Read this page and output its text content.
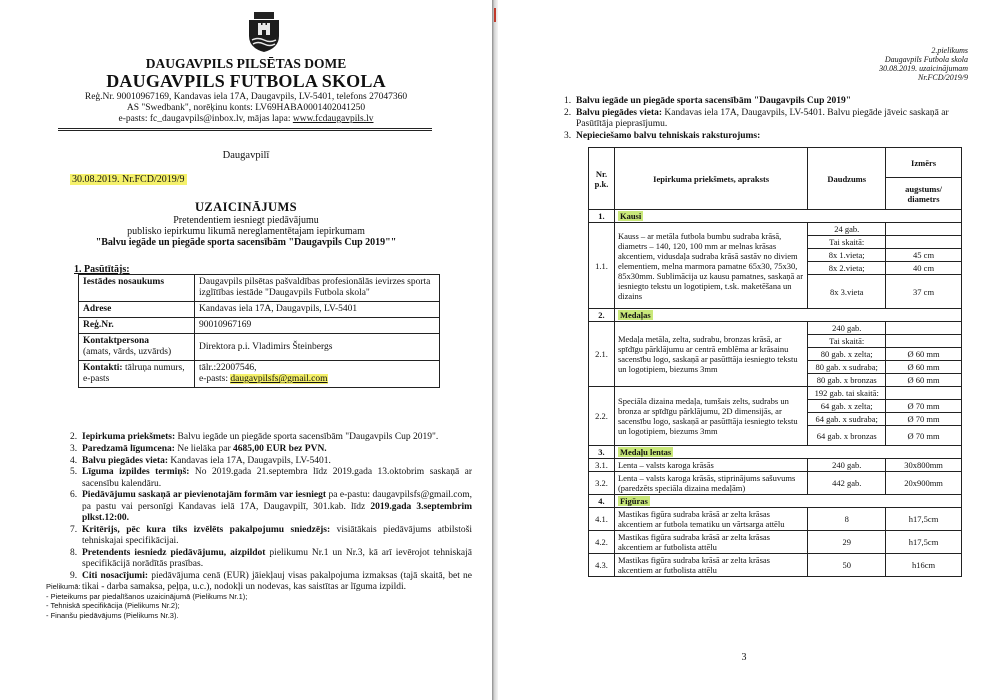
DAUGAVPILS PILSĒTAS DOME
DAUGAVPILS FUTBOLA SKOLA
Reģ.Nr. 90010967169, Kandavas iela 17A, Daugavpils, LV-5401, telefons 27047360
AS "Swedbank", norēķinu konts: LV69HABA0001402041250
e-pasts: fc_daugavpils@inbox.lv, mājas lapa: www.fcdaugavpils.lv
Daugavpilī
30.08.2019. Nr.FCD/2019/9
UZAICINĀJUMS
Pretendentiem iesniegt piedāvājumu
publisko iepirkumu likumā nereglamentētajam iepirkumam
"Balvu iegāde un piegāde sporta sacensībām "Daugavpils Cup 2019""
1. Pasūtītājs:
Iestādes nosaukums	Daugavpils pilsētas pašvaldības profesionālās ievirzes sporta izglītības iestāde "Daugavpils Futbola skola"
Adrese	Kandavas iela 17A, Daugavpils, LV-5401
Reģ.Nr.	90010967169
Kontaktpersona
(amats, vārds, uzvārds)	Direktora p.i. Vladimirs Šteinbergs
Kontakti: tālruņa numurs, e-pasts	tālr.:22007546,
e-pasts: daugavpilsfs@gmail.com
2. Iepirkuma priekšmets: Balvu iegāde un piegāde sporta sacensībām "Daugavpils Cup 2019".
3. Paredzamā līgumcena: Ne lielāka par 4685,00 EUR bez PVN.
4. Balvu piegādes vieta: Kandavas iela 17A, Daugavpils, LV-5401.
5. Līguma izpildes termiņš: No 2019.gada 21.septembra līdz 2019.gada 13.oktobrim saskaņā ar sacensību kalendāru.
6. Piedāvājumu saskaņā ar pievienotajām formām var iesniegt pa e-pastu: daugavpilsfs@gmail.com, pa pastu vai personīgi Kandavas ielā 17A, Daugavpilī, 301.kab. līdz 2019.gada 3.septembrim plkst.12:00.
7. Kritērijs, pēc kura tiks izvēlēts pakalpojumu sniedzējs: visiātākais piedāvājums atbilstoši tehniskajai specifikācijai.
8. Pretendents iesniedz piedāvājumu, aizpildot pielikumu Nr.1 un Nr.3, kā arī ievērojot tehniskajā specifikācijā norādītās prasības.
9. Citi nosacījumi: piedāvājuma cenā (EUR) jāiekļauj visas pakalpojuma izmaksas (tajā skaitā, bet ne tikai - darba samaksa, peļņa, u.c.), nodokļi un nodevas, kas saistītas ar līguma izpildi.
Pielikumā:
- Pieteikums par piedalīšanos uzaicinājumā (Pielikums Nr.1);
- Tehniskā specifikācija (Pielikums Nr.2);
- Finanšu piedāvājums (Pielikums Nr.3).
2.pielikums
Daugavpils Futbola skola
30.08.2019. uzaicinājumam
Nr.FCD/2019/9
1. Balvu iegāde un piegāde sporta sacensībām "Daugavpils Cup 2019"
2. Balvu piegādes vieta: Kandavas iela 17A, Daugavpils, LV-5401. Balvu piegāde jāveic saskaņā ar Pasūtītāja pieprasījumu.
3. Nepieciešamo balvu tehniskais raksturojums:
Nr. p.k.	Iepirkuma priekšmets, apraksts	Daudzums	Izmērs
			augstums/ diametrs
1.	Kausi		
1.1.	Kauss – ar metāla futbola bumbu sudraba krāsā, diametrs – 140, 120, 100 mm ar melnas krāsas akcentiem, vidusdaļa sudraba krāsā sastāv no diviem elementiem, melna marmora pamatne 65x30, 75x30, 85x30mm. Sublimācija uz kausu pamatnes, saskaņā ar iesniegto tekstu un logotipiem, t.sk. maketēšana un dizains	24 gab.	
		Tai skaitā:	
		8x 1.vieta;	45 cm
		8x 2.vieta;	40 cm
		8x 3.vieta	37 cm
2.	Medaļas		
2.1.	Medaļa metāla, zelta, sudrabu, bronzas krāsā, ar spīdīgu pārklājumu ar centrā emblēma ar krāsainu sacensību logo, saskaņā ar pasūtītāja iesniegto tekstu un logotipiem, biezums 3mm	240 gab.	
		Tai skaitā:	
		80 gab. x zelta;	Ø 60 mm
		80 gab. x sudraba;	Ø 60 mm
		80 gab. x bronzas	Ø 60 mm
2.2.	Speciāla dizaina medaļa, tumšais zelts, sudrabs un bronza ar spīdīgu pārklājumu, 2D dimensijās, ar sacensību logo, saskaņā ar pasūtītāja iesniegto tekstu un logotipiem, biezums 3mm	192 gab. tai skaitā:	
		64 gab. x zelta;	Ø 70 mm
		64 gab. x sudraba;	Ø 70 mm
		64 gab. x bronzas	Ø 70 mm
3.	Medaļu lentas		
3.1.	Lenta – valsts karoga krāsās	240 gab.	30x800mm
3.2.	Lenta – valsts karoga krāsās, stiprinājums sašuvums (paredzēts speciāla dizaina medaļām)	442 gab.	20x900mm
4.	Figūras		
4.1.	Mastikas figūra sudraba krāsā ar zelta krāsas akcentiem ar futbola tematiku un vārtsarga attēlu	8	h17,5cm
4.2.	Mastikas figūra sudraba krāsā ar zelta krāsas akcentiem ar futbolista attēlu	29	h17,5cm
4.3.	Mastikas figūra sudraba krāsā ar zelta krāsas akcentiem ar futbolista attēlu	50	h16cm
3
